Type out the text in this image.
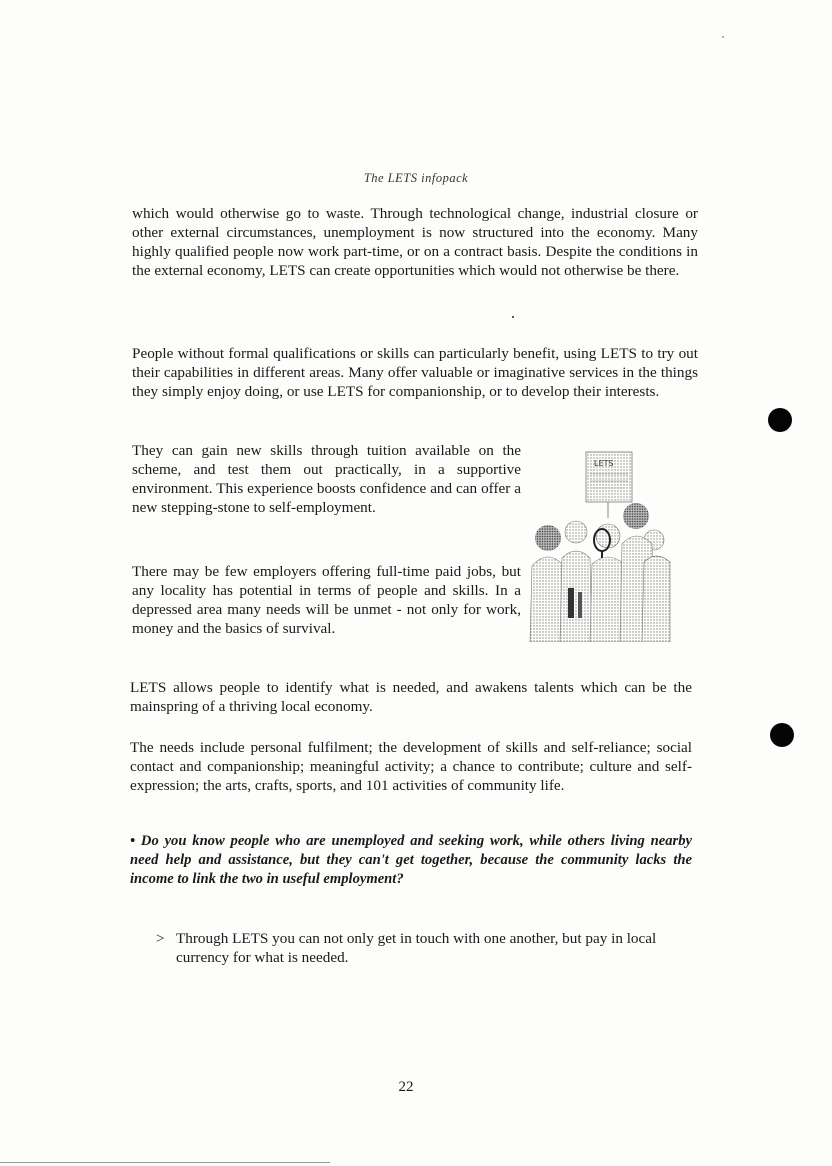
The LETS infopack

which would otherwise go to waste. Through technological change, industrial closure or other external circumstances, unemployment is now structured into the economy. Many highly qualified people now work part-time, or on a contract basis. Despite the conditions in the external economy, LETS can create opportunities which would not otherwise be there.

People without formal qualifications or skills can particularly benefit, using LETS to try out their capabilities in different areas. Many offer valuable or imaginative services in the things they simply enjoy doing, or use LETS for companionship, or to develop their interests.

They can gain new skills through tuition available on the scheme, and test them out practically, in a supportive environment. This experience boosts confidence and can offer a new stepping-stone to self-employment.

There may be few employers offering full-time paid jobs, but any locality has potential in terms of people and skills. In a depressed area many needs will be unmet - not only for work, money and the basics of survival.

LETS allows people to identify what is needed, and awakens talents which can be the mainspring of a thriving local economy.

The needs include personal fulfilment; the development of skills and self-reliance; social contact and companionship; meaningful activity; a chance to contribute; culture and self-expression; the arts, crafts, sports, and 101 activities of community life.

• Do you know people who are unemployed and seeking work, while others living nearby need help and assistance, but they can't get together, because the community lacks the income to link the two in useful employment?

> Through LETS you can not only get in touch with one another, but pay in local currency for what is needed.
LETS
22
